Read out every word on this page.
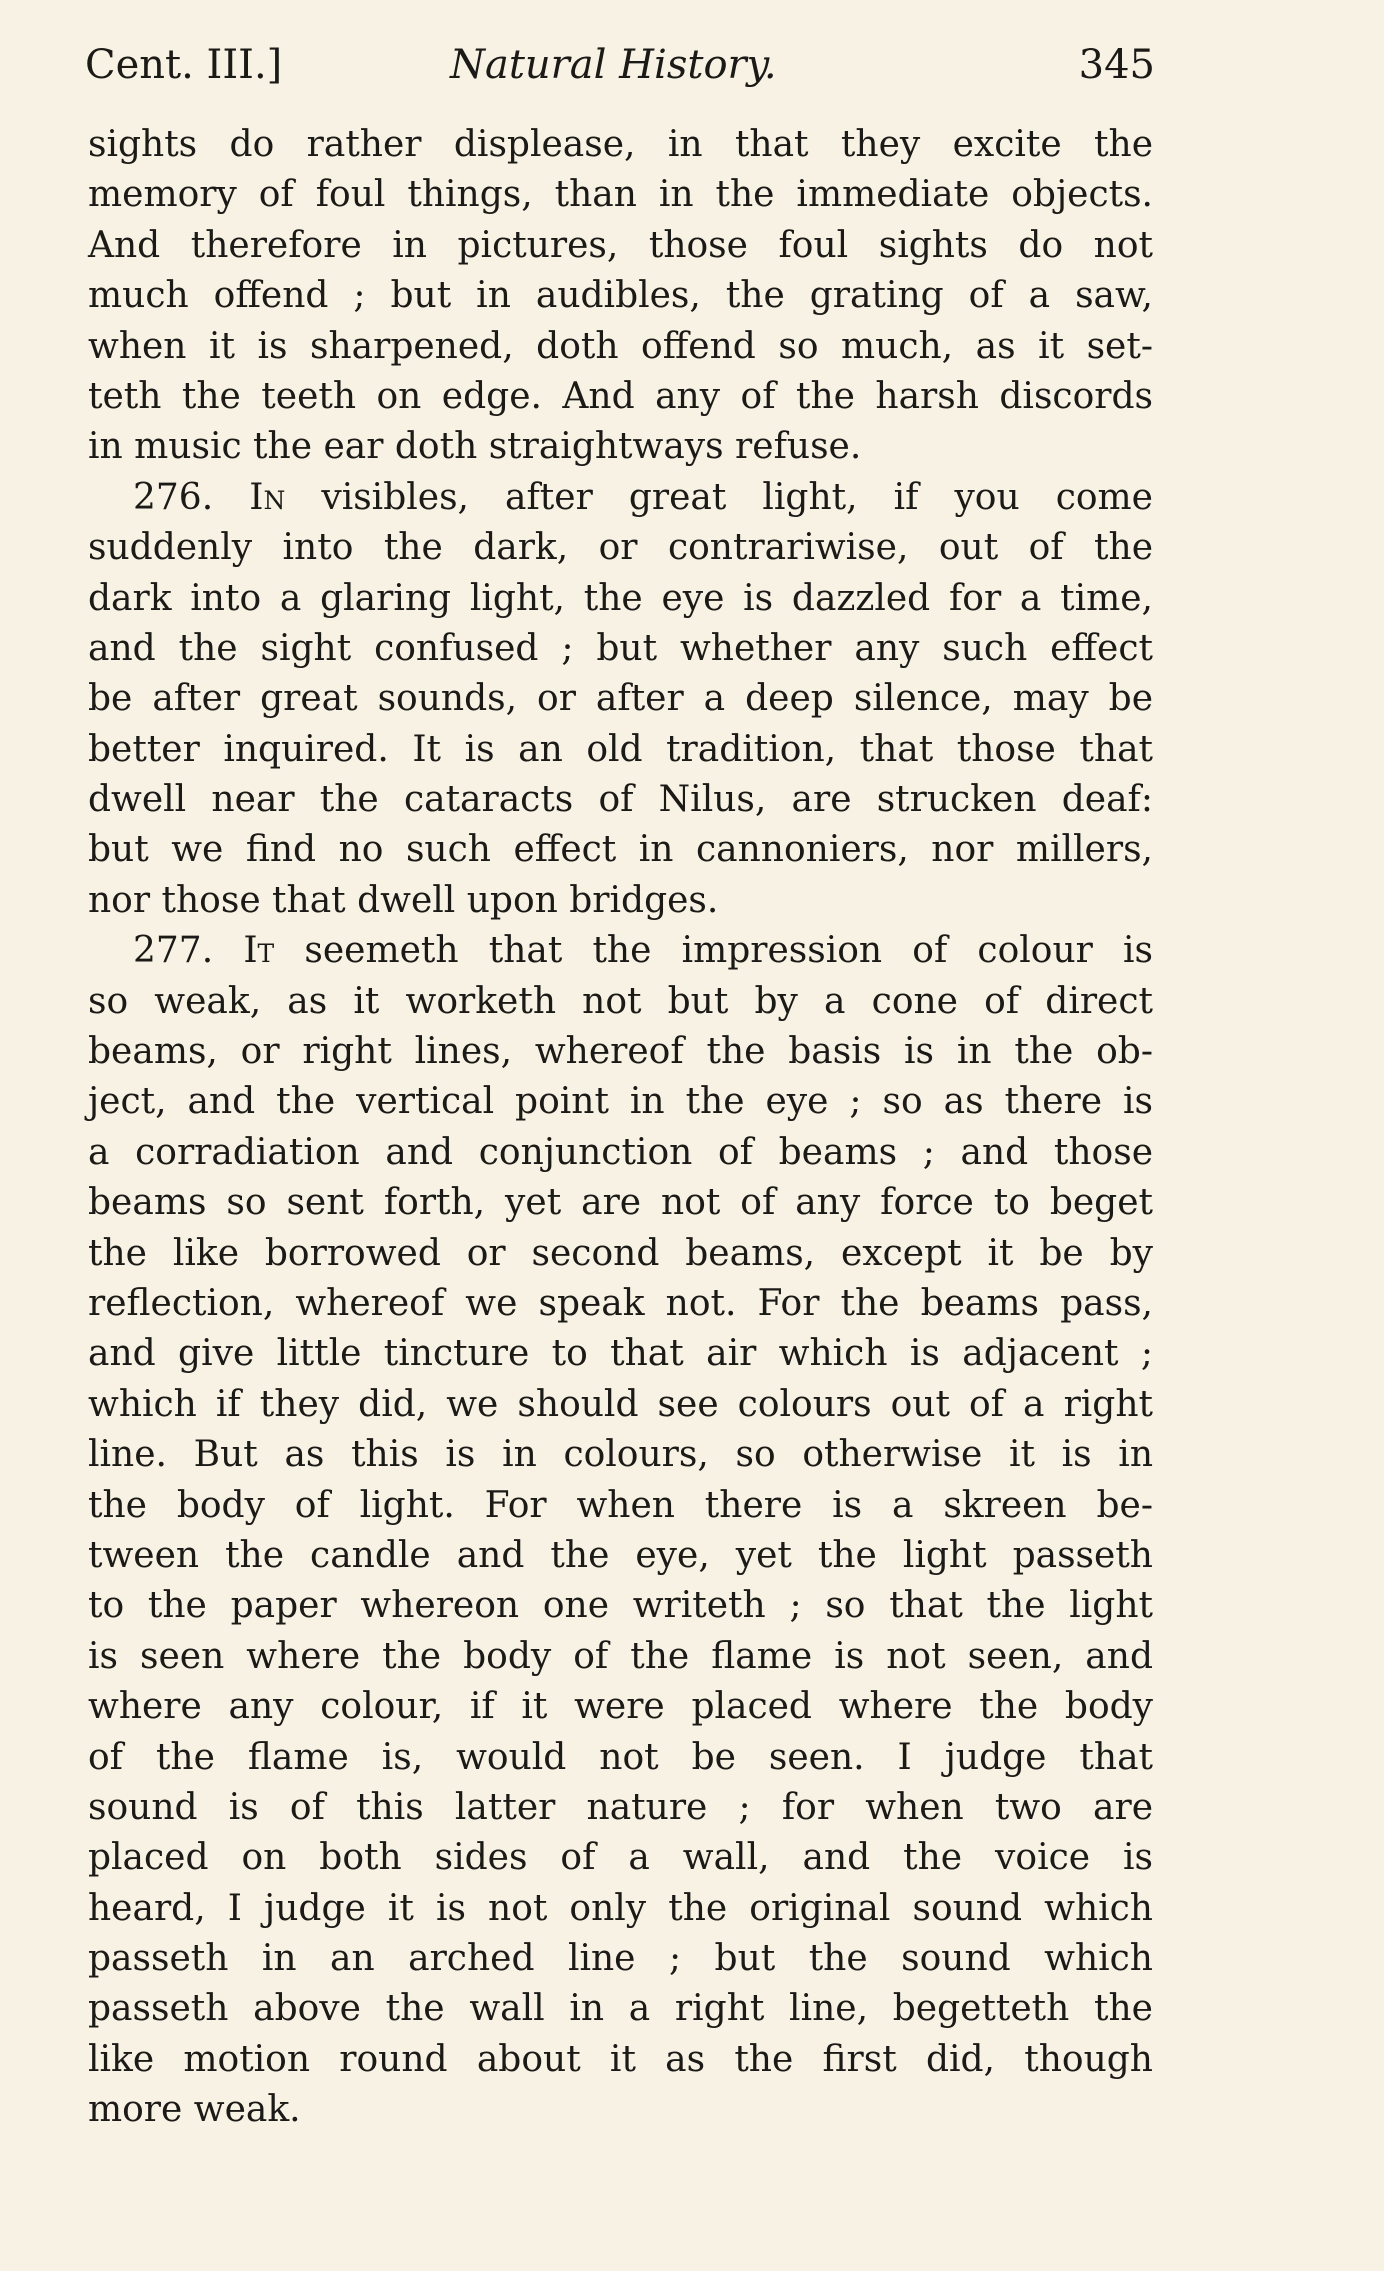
Cent. III.]	Natural History.	345
sights do rather displease, in that they excite the
memory of foul things, than in the immediate objects.
And therefore in pictures, those foul sights do not
much offend ; but in audibles, the grating of a saw,
when it is sharpened, doth offend so much, as it set-
teth the teeth on edge. And any of the harsh discords
in music the ear doth straightways refuse.
276. In visibles, after great light, if you come
suddenly into the dark, or contrariwise, out of the
dark into a glaring light, the eye is dazzled for a time,
and the sight confused ; but whether any such effect
be after great sounds, or after a deep silence, may be
better inquired. It is an old tradition, that those that
dwell near the cataracts of Nilus, are strucken deaf:
but we find no such effect in cannoniers, nor millers,
nor those that dwell upon bridges.
277. It seemeth that the impression of colour is
so weak, as it worketh not but by a cone of direct
beams, or right lines, whereof the basis is in the ob-
ject, and the vertical point in the eye ; so as there is
a corradiation and conjunction of beams ; and those
beams so sent forth, yet are not of any force to beget
the like borrowed or second beams, except it be by
reflection, whereof we speak not. For the beams pass,
and give little tincture to that air which is adjacent ;
which if they did, we should see colours out of a right
line. But as this is in colours, so otherwise it is in
the body of light. For when there is a skreen be-
tween the candle and the eye, yet the light passeth
to the paper whereon one writeth ; so that the light
is seen where the body of the flame is not seen, and
where any colour, if it were placed where the body
of the flame is, would not be seen. I judge that
sound is of this latter nature ; for when two are
placed on both sides of a wall, and the voice is
heard, I judge it is not only the original sound which
passeth in an arched line ; but the sound which
passeth above the wall in a right line, begetteth the
like motion round about it as the first did, though
more weak.
